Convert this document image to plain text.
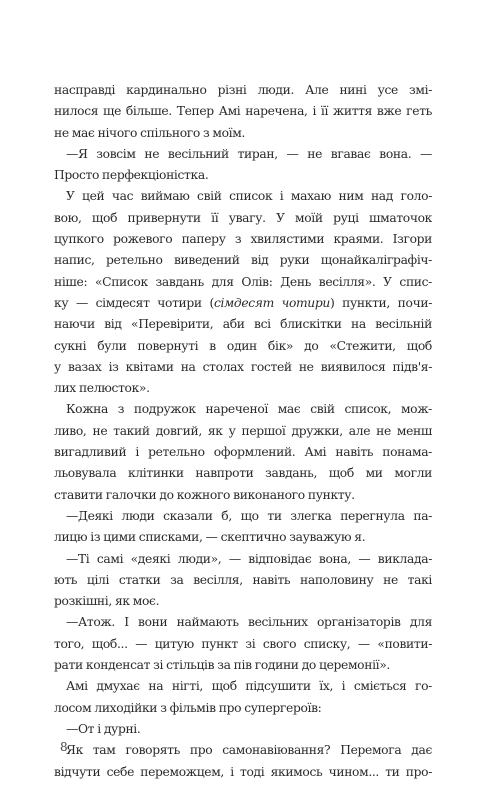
насправді кардинально різні люди. Але нині усе змі-
нилося ще більше. Тепер Амі наречена, і її життя вже геть
не має нічого спільного з моїм.
—Я зовсім не весільний тиран, — не вгаває вона. —
Просто перфекціоністка.
У цей час виймаю свій список і махаю ним над голо-
вою, щоб привернути її увагу. У моїй руці шматочок
цупкого рожевого паперу з хвилястими краями. Ізгори
напис, ретельно виведений від руки щонайкаліграфіч-
ніше: «Список завдань для Олів: День весілля». У спис-
ку — сімдесят чотири (сімдесят чотири) пункти, почи-
наючи від «Перевірити, аби всі блискітки на весільній
сукні були повернуті в один бік» до «Стежити, щоб
у вазах із квітами на столах гостей не виявилося підв'я-
лих пелюсток».
Кожна з подружок нареченої має свій список, мож-
ливо, не такий довгий, як у першої дружки, але не менш
вигадливий і ретельно оформлений. Амі навіть понама-
льовувала клітинки навпроти завдань, щоб ми могли
ставити галочки до кожного виконаного пункту.
—Деякі люди сказали б, що ти злегка перегнула па-
лицю із цими списками, — скептично зауважую я.
—Ті самі «деякі люди», — відповідає вона, — виклада-
ють цілі статки за весілля, навіть наполовину не такі
розкішні, як моє.
—Атож. І вони наймають весільних організаторів для
того, щоб... — цитую пункт зі свого списку, — «повити-
рати конденсат зі стільців за пів години до церемонії».
Амі дмухає на нігті, щоб підсушити їх, і сміється го-
лосом лиходійки з фільмів про супергероїв:
—От і дурні.
Як там говорять про самонавіювання? Перемога дає
відчути себе переможцем, і тоді якимось чином... ти про-
8
